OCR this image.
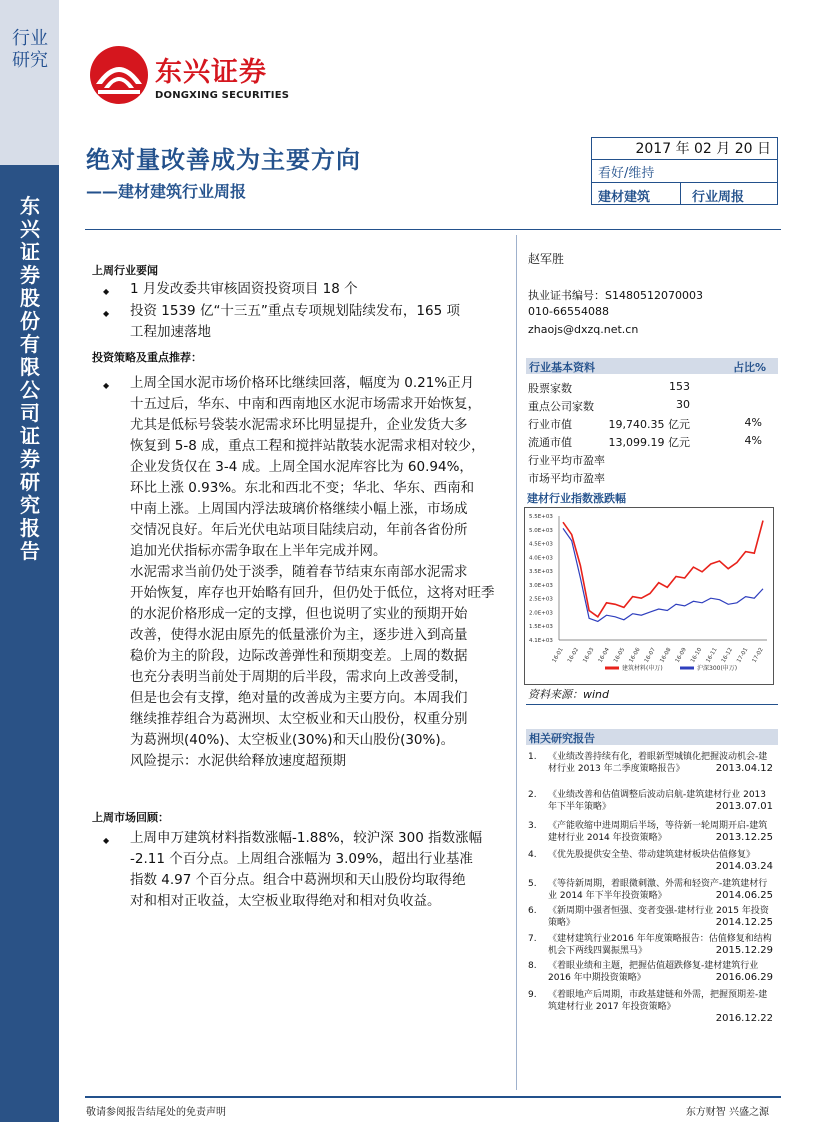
行业研究
东兴证券股份有限公司证券研究报告
东兴证券
DONGXING SECURITIES
绝对量改善成为主要方向
——建材建筑行业周报
2017 年 02 月 20 日
看好/维持
建材建筑	行业周报
上周行业要闻
◆ 1 月发改委共审核固资投资项目 18 个
◆ 投资 1539 亿“十三五”重点专项规划陆续发布，165 项
工程加速落地
投资策略及重点推荐：
◆ 上周全国水泥市场价格环比继续回落，幅度为 0.21%正月
十五过后，华东、中南和西南地区水泥市场需求开始恢复，
尤其是低标号袋装水泥需求环比明显提升，企业发货大多
恢复到 5-8 成，重点工程和搅拌站散装水泥需求相对较少，
企业发货仅在 3-4 成。上周全国水泥库容比为 60.94%，
环比上涨 0.93%。东北和西北不变；华北、华东、西南和
中南上涨。上周国内浮法玻璃价格继续小幅上涨，市场成
交情况良好。年后光伏电站项目陆续启动，年前各省份所
追加光伏指标亦需争取在上半年完成并网。
水泥需求当前仍处于淡季，随着春节结束东南部水泥需求
开始恢复，库存也开始略有回升，但仍处于低位，这将对旺季
的水泥价格形成一定的支撑，但也说明了实业的预期开始
改善，使得水泥由原先的低量涨价为主，逐步进入到高量
稳价为主的阶段，边际改善弹性和预期变差。上周的数据
也充分表明当前处于周期的后半段，需求向上改善受制，
但是也会有支撑，绝对量的改善成为主要方向。本周我们
继续推荐组合为葛洲坝、太空板业和天山股份，权重分别
为葛洲坝(40%)、太空板业(30%)和天山股份(30%)。
风险提示：水泥供给释放速度超预期
上周市场回顾：
◆ 上周申万建筑材料指数涨幅-1.88%，较沪深 300 指数涨幅
-2.11 个百分点。上周组合涨幅为 3.09%，超出行业基准
指数 4.97 个百分点。组合中葛洲坝和天山股份均取得绝
对和相对正收益，太空板业取得绝对和相对负收益。
赵军胜
执业证书编号：S1480512070003
010-66554088
zhaojs@dxzq.net.cn
行业基本资料	占比%
股票家数	153
重点公司家数	30
行业市值	19,740.35 亿元	4%
流通市值	13,099.19 亿元	4%
行业平均市盈率
市场平均市盈率
建材行业指数涨跌幅
5.5E+03
5.0E+03
4.5E+03
4.0E+03
3.5E+03
3.0E+03
2.5E+03
2.0E+03
1.5E+03
4.1E+03
16-01 16-02 16-03 16-04 16-05 16-06 16-07 16-08 16-09 16-10 16-11 16-12 17-01 17-02
建筑材料(申万)	沪深300(申万)
资料来源：wind
相关研究报告
1. 《业绩改善持续有化，着眼新型城镇化把握波动机会-建材行业 2013 年二季度策略报告》	2013.04.12
2. 《业绩改善和估值调整后波动启航-建筑建材行业 2013 年下半年策略》	2013.07.01
3. 《产能收缩中进周期后半场，等待新一轮周期开启-建筑建材行业 2014 年投资策略》	2013.12.25
4. 《优先股提供安全垫、带动建筑建材板块估值修复》
2014.03.24
5. 《等待新周期，着眼微刺激、外需和轻资产-建筑建材行业 2014 年下半年投资策略》	2014.06.25
6. 《新周期中强者恒强、变者变强-建材行业 2015 年投资策略》	2014.12.25
7. 《建材建筑行业2016 年年度策略报告：估值修复和结构机会下两线四翼振黑马》	2015.12.29
8. 《着眼业绩和主题，把握估值超跌修复-建材建筑行业 2016 年中期投资策略》	2016.06.29
9. 《着眼地产后周期，市政基建链和外需，把握预期差-建筑建材行业 2017 年投资策略》
2016.12.22
敬请参阅报告结尾处的免责声明	东方财智 兴盛之源
